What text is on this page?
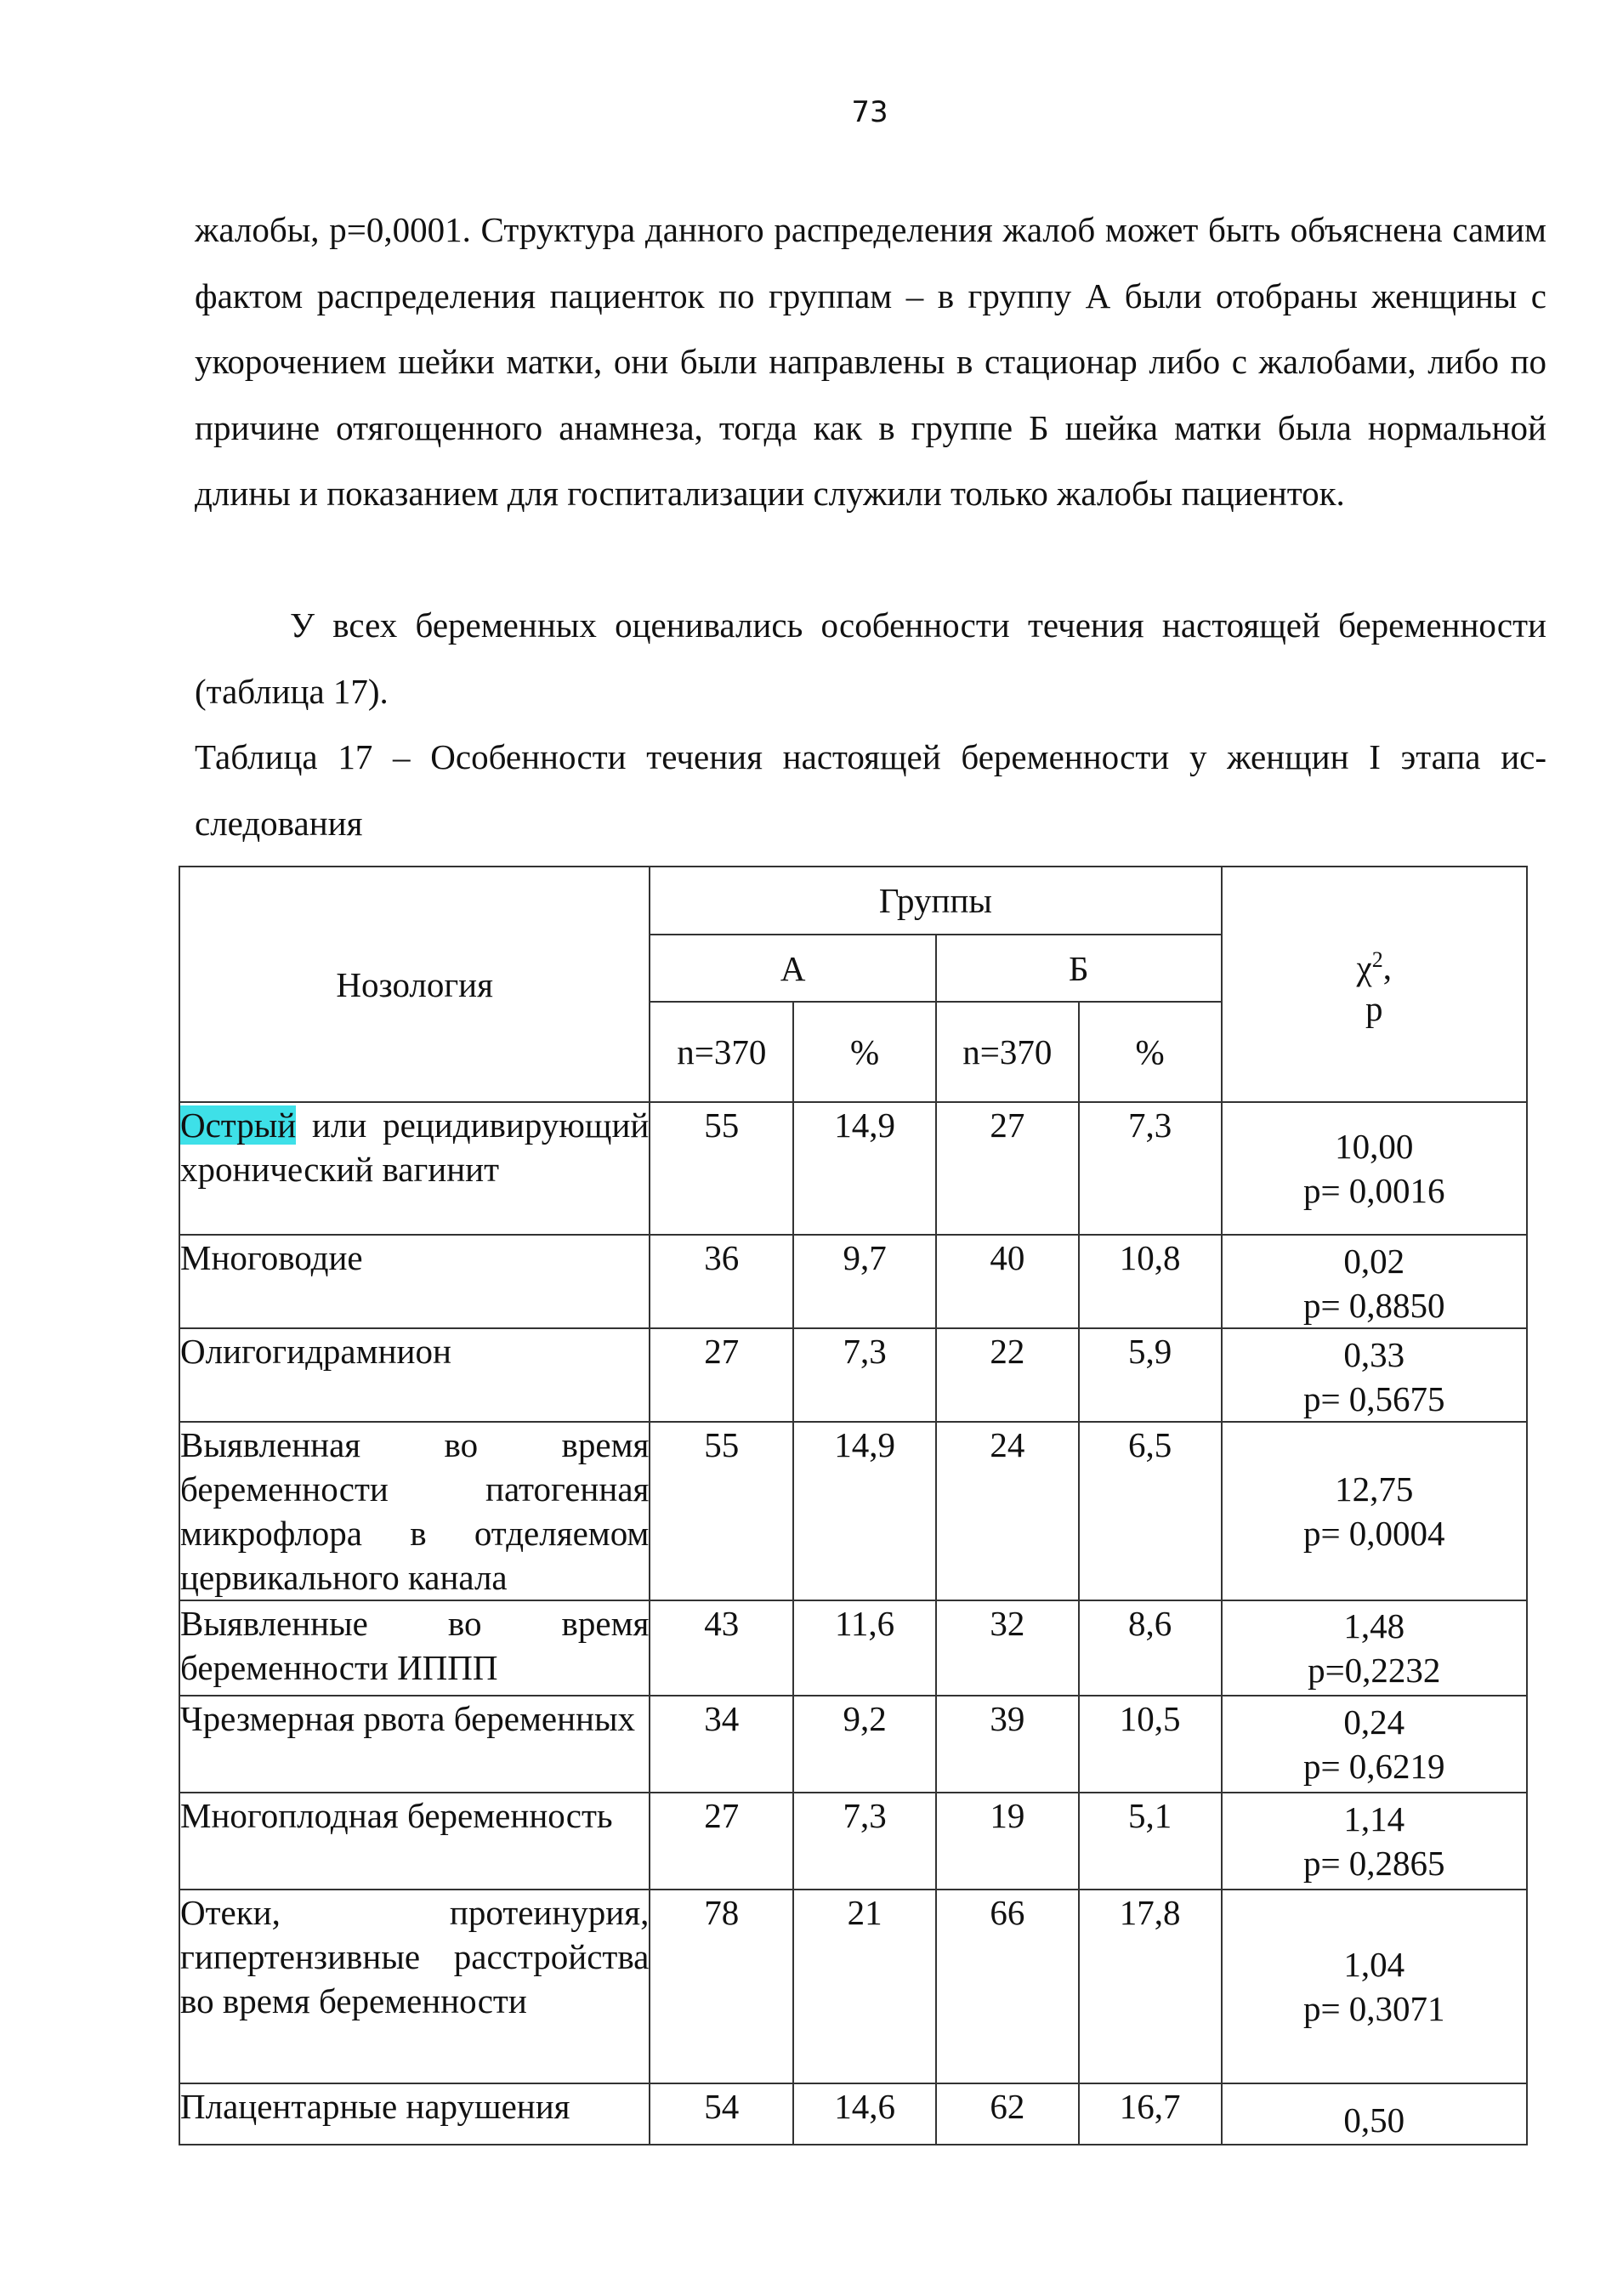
73

жалобы, p=0,0001. Структура данного распределения жалоб может быть объяснена самим фактом распределения пациенток по группам – в группу А были отобраны женщины с укорочением шейки матки, они были направлены в стационар либо с жалобами, либо по причине отягощенного анамнеза, тогда как в группе Б шейка матки была нормальной длины и показанием для госпитализации служили только жалобы пациенток.

У всех беременных оценивались особенности течения настоящей беременности (таблица 17).

Таблица 17 – Особенности течения настоящей беременности у женщин I этапа ис-следования

Нозология	Группы				$\chi^2$,
p

	А		Б		
	n=370	%	n=370	%	
Острый или рецидивирующий хронический вагинит	55	14,9	27	7,3	10,00
p= 0,0016

Многоводие	36	9,7	40	10,8	0,02
p= 0,8850

Олигогидрамнион	27	7,3	22	5,9	0,33
p= 0,5675

Выявленная во время беременности патогенная микрофлора в отделяемом цервикального канала	55	14,9	24	6,5	12,75
p= 0,0004

Выявленные во время беременности ИППП	43	11,6	32	8,6	1,48
p=0,2232

Чрезмерная рвота беременных	34	9,2	39	10,5	0,24
p= 0,6219

Многоплодная беременность	27	7,3	19	5,1	1,14
p= 0,2865

Отеки, протеинурия, гипертензивные расстройства во время беременности	78	21	66	17,8	1,04
p= 0,3071

Плацентарные нарушения	54	14,6	62	16,7	0,50
